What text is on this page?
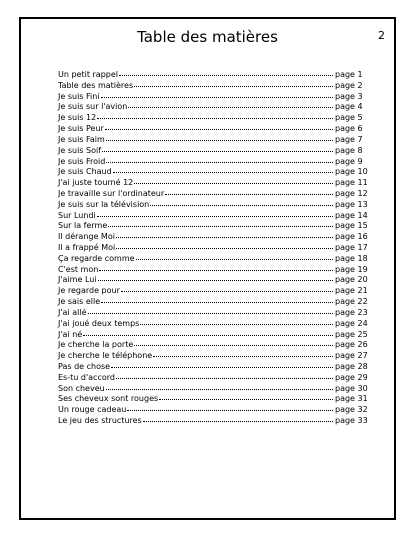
Table des matières	2
Un petit rappel	page 1
Table des matières	page 2
Je suis Fini	page 3
Je suis sur l'avion	page 4
Je suis 12	page 5
Je suis Peur	page 6
Je suis Faim	page 7
Je suis Soif	page 8
Je suis Froid	page 9
Je suis Chaud	page 10
J'ai juste tourné 12	page 11
Je travaille sur l'ordinateur	page 12
Je suis sur la télévision	page 13
Sur Lundi	page 14
Sur la ferme	page 15
Il dérange Moi	page 16
Il a frappé Moi	page 17
Ça regarde comme	page 18
C'est mon	page 19
J'aime Lui	page 20
Je regarde pour	page 21
Je sais elle	page 22
J'ai allé	page 23
J'ai joué deux temps	page 24
J'ai né	page 25
Je cherche la porte	page 26
Je cherche le téléphone	page 27
Pas de chose	page 28
Es-tu d'accord	page 29
Son cheveu	page 30
Ses cheveux sont rouges	page 31
Un rouge cadeau	page 32
Le jeu des structures	page 33
